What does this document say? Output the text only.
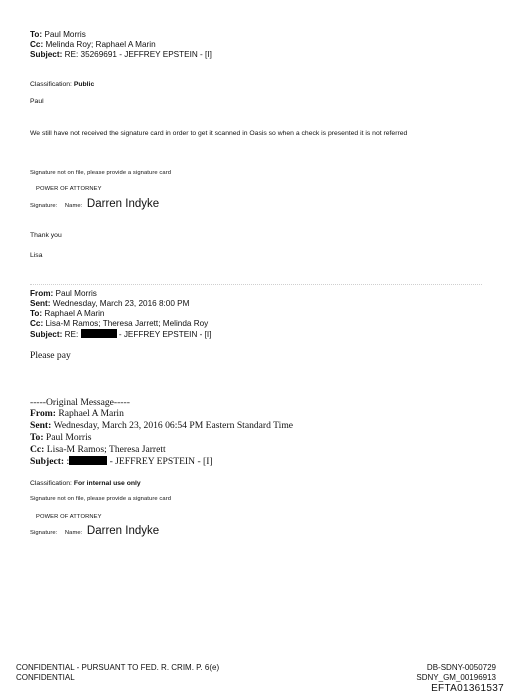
To: Paul Morris
Cc: Melinda Roy; Raphael A Marin
Subject: RE: 35269691 - JEFFREY EPSTEIN - [I]
Classification: Public
Paul
We still have not received the signature card in order to get it scanned in Oasis so when a check is presented it is not referred
Signature not on file, please provide a signature card
POWER OF ATTORNEY
Signature: Name: Darren Indyke
Thank you
Lisa
From: Paul Morris
Sent: Wednesday, March 23, 2016 8:00 PM
To: Raphael A Marin
Cc: Lisa-M Ramos; Theresa Jarrett; Melinda Roy
Subject: RE:	- JEFFREY EPSTEIN - [I]
Please pay
-----Original Message-----
From: Raphael A Marin
Sent: Wednesday, March 23, 2016 06:54 PM Eastern Standard Time
To: Paul Morris
Cc: Lisa-M Ramos; Theresa Jarrett
Subject: :	- JEFFREY EPSTEIN - [I]
Classification: For internal use only
Signature not on file, please provide a signature card
POWER OF ATTORNEY
Signature: Name: Darren Indyke
CONFIDENTIAL - PURSUANT TO FED. R. CRIM. P. 6(e)
CONFIDENTIAL
DB-SDNY-0050729
SDNY_GM_00196913
EFTA01361537
